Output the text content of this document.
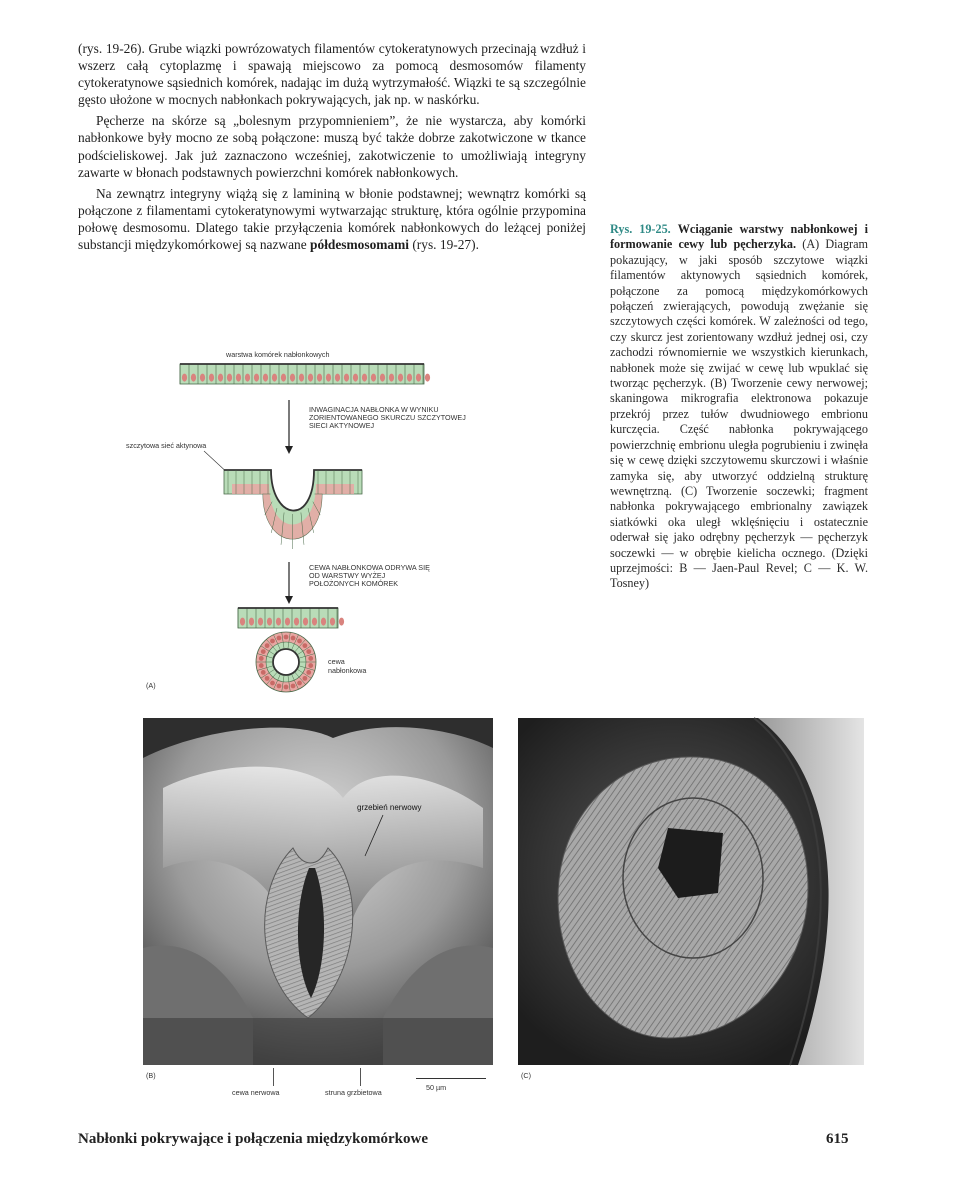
(rys. 19-26). Grube wiązki powrózowatych filamentów cytokeratynowych przecinają wzdłuż i wszerz całą cytoplazmę i spawają miejscowo za pomocą desmosomów filamenty cytokeratynowe sąsiednich komórek, nadając im dużą wytrzymałość. Wiązki te są szczególnie gęsto ułożone w mocnych nabłonkach pokrywających, jak np. w naskórku.

Pęcherze na skórze są „bolesnym przypomnieniem”, że nie wystarcza, aby komórki nabłonkowe były mocno ze sobą połączone: muszą być także dobrze zakotwiczone w tkance podścieliskowej. Jak już zaznaczono wcześniej, zakotwiczenie to umożliwiają integryny zawarte w błonach podstawnych powierzchni komórek nabłonkowych.

Na zewnątrz integryny wiążą się z lamininą w błonie podstawnej; wewnątrz komórki są połączone z filamentami cytokeratynowymi wytwarzając strukturę, która ogólnie przypomina połowę desmosomu. Dlatego takie przyłączenia komórek nabłonkowych do leżącej poniżej substancji międzykomórkowej są nazwane półdesmosomami (rys. 19-27).

Rys. 19-25. Wciąganie warstwy nabłonkowej i formowanie cewy lub pęcherzyka. (A) Diagram pokazujący, w jaki sposób szczytowe wiązki filamentów aktynowych sąsiednich komórek, połączone za pomocą międzykomórkowych połączeń zwierających, powodują zwężanie się szczytowych części komórek. W zależności od tego, czy skurcz jest zorientowany wzdłuż jednej osi, czy zachodzi równomiernie we wszystkich kierunkach, nabłonek może się zwijać w cewę lub wpuklać się tworząc pęcherzyk. (B) Tworzenie cewy nerwowej; skaningowa mikrografia elektronowa pokazuje przekrój przez tułów dwudniowego embrionu kurczęcia. Część nabłonka pokrywającego powierzchnię embrionu uległa pogrubieniu i zwinęła się w cewę dzięki szczytowemu skurczowi i właśnie zamyka się, aby utworzyć oddzielną strukturę wewnętrzną. (C) Tworzenie soczewki; fragment nabłonka pokrywającego embrionalny zawiązek siatkówki oka uległ wklęśnięciu i ostatecznie oderwał się jako odrębny pęcherzyk — pęcherzyk soczewki — w obrębie kielicha ocznego. (Dzięki uprzejmości: B — Jaen-Paul Revel; C — K. W. Tosney)
warstwa komórek nabłonkowych
INWAGINACJA NABŁONKA W WYNIKU
ZORIENTOWANEGO SKURCZU SZCZYTOWEJ
SIECI AKTYNOWEJ
szczytowa sieć aktynowa
CEWA NABŁONKOWA ODRYWA SIĘ
OD WARSTWY WYŻEJ
POŁOŻONYCH KOMÓREK
cewa
nabłonkowa
(A)
grzebień nerwowy
(B)
cewa nerwowa	struna grzbietowa
50 µm
(C)
Nabłonki pokrywające i połączenia międzykomórkowe	615
